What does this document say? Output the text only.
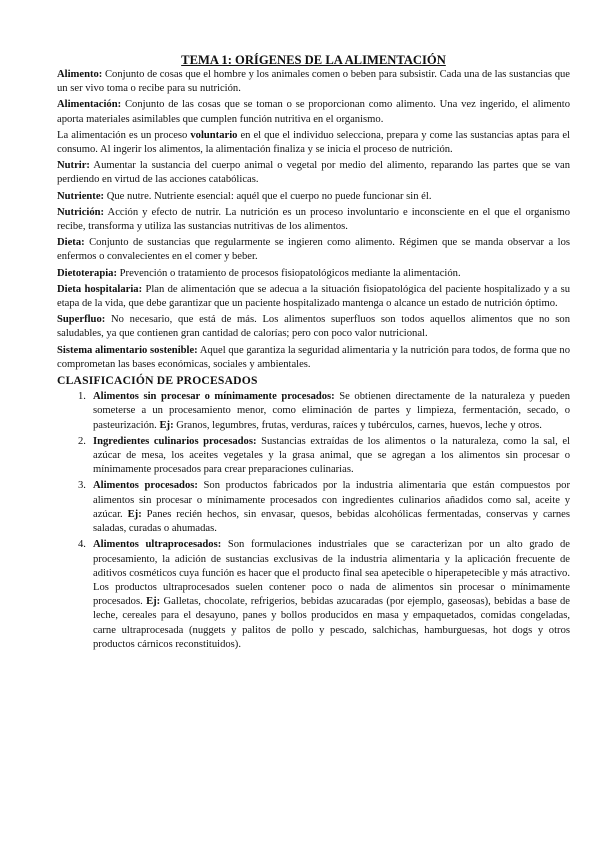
TEMA 1: ORÍGENES DE LA ALIMENTACIÓN

Alimento: Conjunto de cosas que el hombre y los animales comen o beben para subsistir. Cada una de las sustancias que un ser vivo toma o recibe para su nutrición.

Alimentación: Conjunto de las cosas que se toman o se proporcionan como alimento. Una vez ingerido, el alimento aporta materiales asimilables que cumplen función nutritiva en el organismo.

La alimentación es un proceso voluntario en el que el individuo selecciona, prepara y come las sustancias aptas para el consumo. Al ingerir los alimentos, la alimentación finaliza y se inicia el proceso de nutrición.

Nutrir: Aumentar la sustancia del cuerpo animal o vegetal por medio del alimento, reparando las partes que se van perdiendo en virtud de las acciones catabólicas.

Nutriente: Que nutre. Nutriente esencial: aquél que el cuerpo no puede funcionar sin él.

Nutrición: Acción y efecto de nutrir. La nutrición es un proceso involuntario e inconsciente en el que el organismo recibe, transforma y utiliza las sustancias nutritivas de los alimentos.

Dieta: Conjunto de sustancias que regularmente se ingieren como alimento. Régimen que se manda observar a los enfermos o convalecientes en el comer y beber.

Dietoterapia: Prevención o tratamiento de procesos fisiopatológicos mediante la alimentación.

Dieta hospitalaria: Plan de alimentación que se adecua a la situación fisiopatológica del paciente hospitalizado y a su etapa de la vida, que debe garantizar que un paciente hospitalizado mantenga o alcance un estado de nutrición óptimo.

Superfluo: No necesario, que está de más. Los alimentos superfluos son todos aquellos alimentos que no son saludables, ya que contienen gran cantidad de calorías; pero con poco valor nutricional.

Sistema alimentario sostenible: Aquel que garantiza la seguridad alimentaria y la nutrición para todos, de forma que no comprometan las bases económicas, sociales y ambientales.

CLASIFICACIÓN DE PROCESADOS
1. Alimentos sin procesar o mínimamente procesados: Se obtienen directamente de la naturaleza y pueden someterse a un procesamiento menor, como eliminación de partes y limpieza, fermentación, secado, o pasteurización. Ej: Granos, legumbres, frutas, verduras, raíces y tubérculos, carnes, huevos, leche y otros.
2. Ingredientes culinarios procesados: Sustancias extraídas de los alimentos o la naturaleza, como la sal, el azúcar de mesa, los aceites vegetales y la grasa animal, que se agregan a los alimentos sin procesar o mínimamente procesados para crear preparaciones culinarias.
3. Alimentos procesados: Son productos fabricados por la industria alimentaria que están compuestos por alimentos sin procesar o mínimamente procesados con ingredientes culinarios añadidos como sal, aceite y azúcar. Ej: Panes recién hechos, sin envasar, quesos, bebidas alcohólicas fermentadas, conservas y carnes saladas, curadas o ahumadas.
4. Alimentos ultraprocesados: Son formulaciones industriales que se caracterizan por un alto grado de procesamiento, la adición de sustancias exclusivas de la industria alimentaria y la aplicación frecuente de aditivos cosméticos cuya función es hacer que el producto final sea apetecible o hiperapetecible y más atractivo. Los productos ultraprocesados suelen contener poco o nada de alimentos sin procesar o mínimamente procesados. Ej: Galletas, chocolate, refrigerios, bebidas azucaradas (por ejemplo, gaseosas), bebidas a base de leche, cereales para el desayuno, panes y bollos producidos en masa y empaquetados, comidas congeladas, carne ultraprocesada (nuggets y palitos de pollo y pescado, salchichas, hamburguesas, hot dogs y otros productos cárnicos reconstituidos).
